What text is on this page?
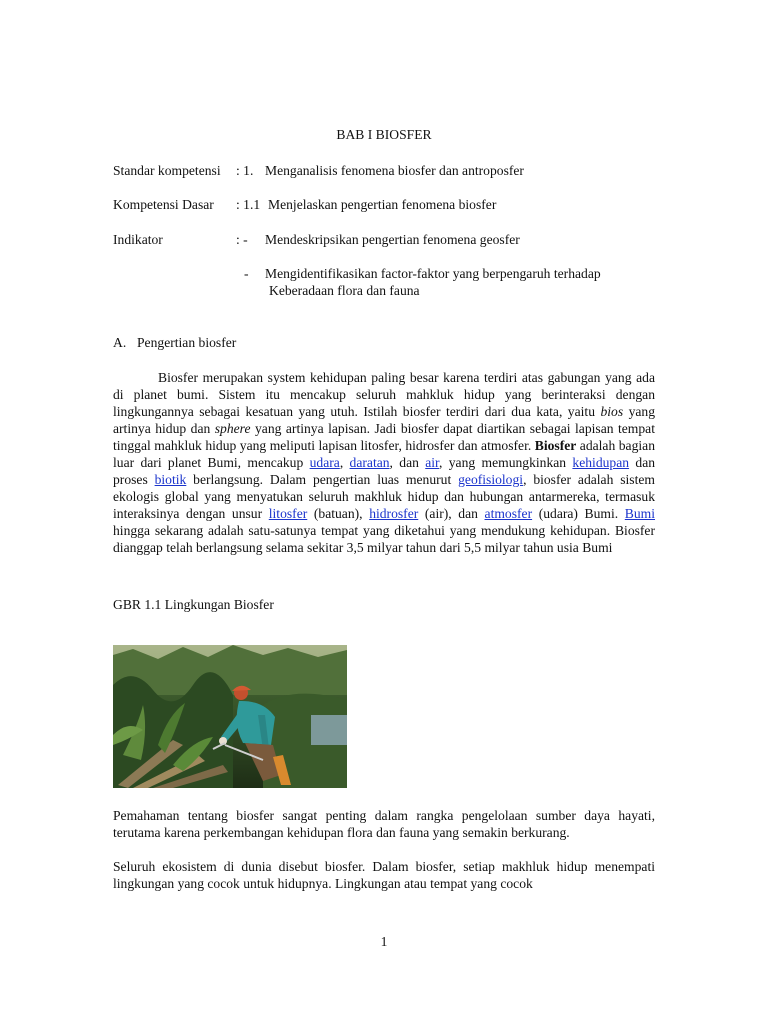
BAB I BIOSFER
Standar kompetensi : 1. Menganalisis fenomena biosfer dan antroposfer
Kompetensi Dasar : 1.1 Menjelaskan pengertian fenomena biosfer
Indikator	: - Mendeskripsikan pengertian fenomena geosfer
- Mengidentifikasikan factor-faktor yang berpengaruh terhadap
Keberadaan flora dan fauna
A. Pengertian biosfer

Biosfer merupakan system kehidupan paling besar karena terdiri atas gabungan yang ada di planet bumi. Sistem itu mencakup seluruh mahkluk hidup yang berinteraksi dengan lingkungannya sebagai kesatuan yang utuh. Istilah biosfer terdiri dari dua kata, yaitu bios yang artinya hidup dan sphere yang artinya lapisan. Jadi biosfer dapat diartikan sebagai lapisan tempat tinggal mahkluk hidup yang meliputi lapisan litosfer, hidrosfer dan atmosfer. Biosfer adalah bagian luar dari planet Bumi, mencakup udara, daratan, dan air, yang memungkinkan kehidupan dan proses biotik berlangsung. Dalam pengertian luas menurut geofisiologi, biosfer adalah sistem ekologis global yang menyatukan seluruh makhluk hidup dan hubungan antarmereka, termasuk interaksinya dengan unsur litosfer (batuan), hidrosfer (air), dan atmosfer (udara) Bumi. Bumi hingga sekarang adalah satu-satunya tempat yang diketahui yang mendukung kehidupan. Biosfer dianggap telah berlangsung selama sekitar 3,5 milyar tahun dari 5,5 milyar tahun usia Bumi

GBR 1.1 Lingkungan Biosfer

Pemahaman tentang biosfer sangat penting dalam rangka pengelolaan sumber daya hayati, terutama karena perkembangan kehidupan flora dan fauna yang semakin berkurang.

Seluruh ekosistem di dunia disebut biosfer. Dalam biosfer, setiap makhluk hidup menempati lingkungan yang cocok untuk hidupnya. Lingkungan atau tempat yang cocok

1
